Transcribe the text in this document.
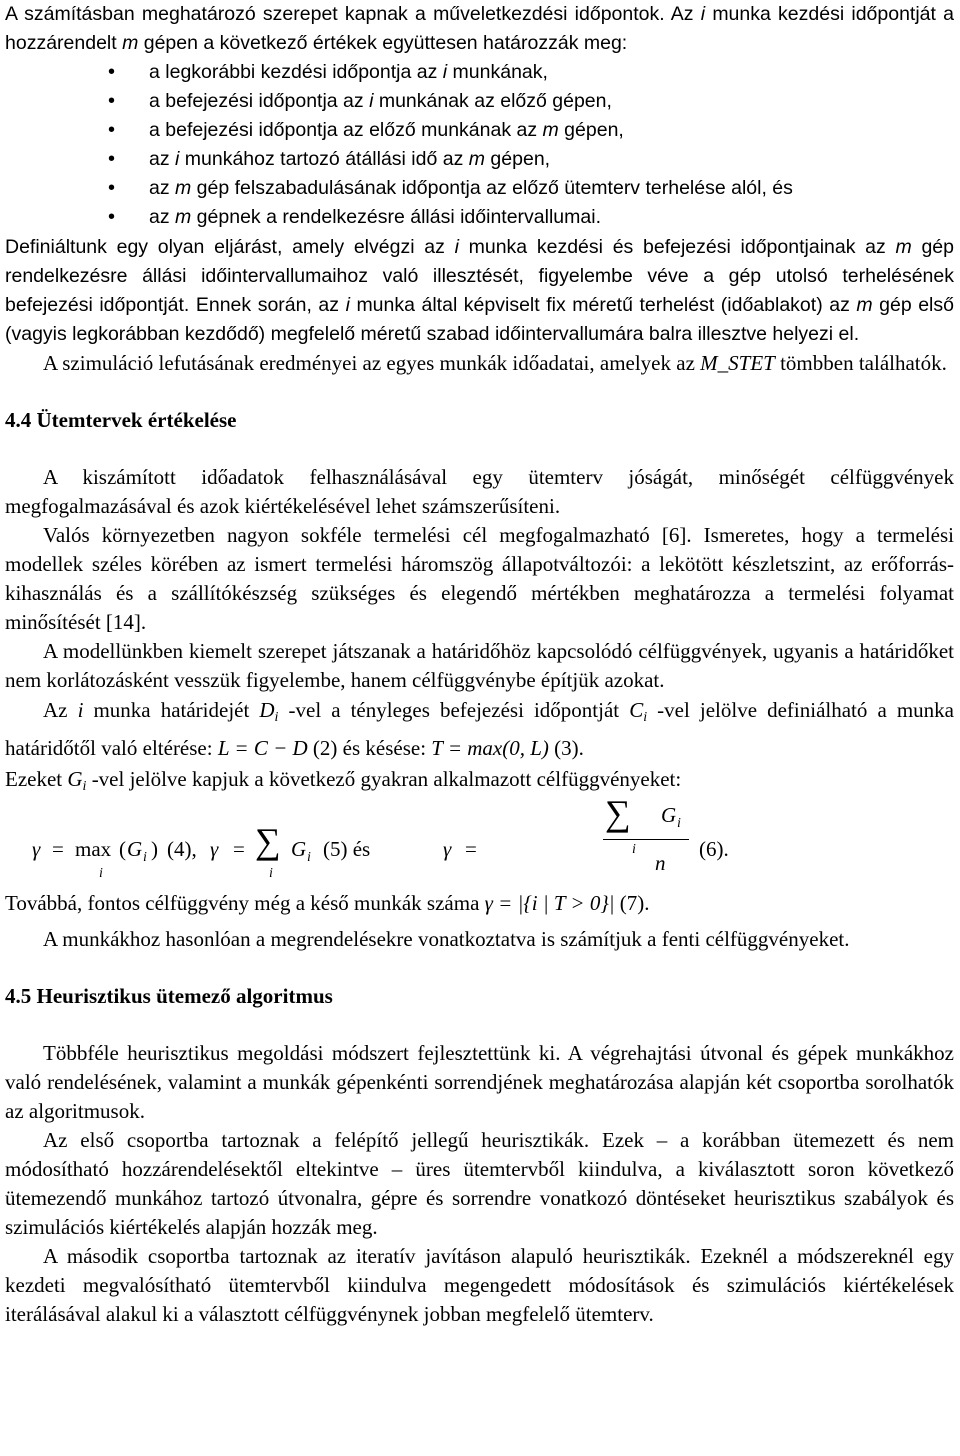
A számításban meghatározó szerepet kapnak a műveletkezdési időpontok. Az i munka kezdési időpontját a hozzárendelt m gépen a következő értékek együttesen határozzák meg:

• a legkorábbi kezdési időpontja az i munkának,
• a befejezési időpontja az i munkának az előző gépen,
• a befejezési időpontja az előző munkának az m gépen,
• az i munkához tartozó átállási idő az m gépen,
• az m gép felszabadulásának időpontja az előző ütemterv terhelése alól, és
• az m gépnek a rendelkezésre állási időintervallumai.

Definiáltunk egy olyan eljárást, amely elvégzi az i munka kezdési és befejezési időpontjainak az m gép rendelkezésre állási időintervallumaihoz való illesztését, figyelembe véve a gép utolsó terhelésének befejezési időpontját. Ennek során, az i munka által képviselt fix méretű terhelést (időablakot) az m gép első (vagyis legkorábban kezdődő) megfelelő méretű szabad időintervallumára balra illesztve helyezi el.

A szimuláció lefutásának eredményei az egyes munkák időadatai, amelyek az M_STET tömbben találhatók.

4.4 Ütemtervek értékelése

A kiszámított időadatok felhasználásával egy ütemterv jóságát, minőségét célfüggvények megfogalmazásával és azok kiértékelésével lehet számszerűsíteni.

Valós környezetben nagyon sokféle termelési cél megfogalmazható [6]. Ismeretes, hogy a termelési modellek széles körében az ismert termelési háromszög állapotváltozói: a lekötött készletszint, az erőforrás-kihasználás és a szállítókészség szükséges és elegendő mértékben meghatározza a termelési folyamat minősítését [14].

A modellünkben kiemelt szerepet játszanak a határidőhöz kapcsolódó célfüggvények, ugyanis a határidőket nem korlátozásként vesszük figyelembe, hanem célfüggvénybe építjük azokat.

Az i munka határidejét $D_i$ -vel a tényleges befejezési időpontját $C_i$ -vel jelölve definiálható a munka határidőtől való eltérése: L = C − D (2) és késése: T = max(0, L) (3).

Ezeket $G_i$ -vel jelölve kapjuk a következő gyakran alkalmazott célfüggvényeket:

γ = max
i
( G i ) (4), γ = ∑
i
G i (5) és	γ =
∑ G i
i
n
(6).

Továbbá, fontos célfüggvény még a késő munkák száma γ = |{i | T > 0}| (7).

A munkákhoz hasonlóan a megrendelésekre vonatkoztatva is számítjuk a fenti célfüggvényeket.

4.5 Heurisztikus ütemező algoritmus

Többféle heurisztikus megoldási módszert fejlesztettünk ki. A végrehajtási útvonal és gépek munkákhoz való rendelésének, valamint a munkák gépenkénti sorrendjének meghatározása alapján két csoportba sorolhatók az algoritmusok.

Az első csoportba tartoznak a felépítő jellegű heurisztikák. Ezek – a korábban ütemezett és nem módosítható hozzárendelésektől eltekintve – üres ütemtervből kiindulva, a kiválasztott soron következő ütemezendő munkához tartozó útvonalra, gépre és sorrendre vonatkozó döntéseket heurisztikus szabályok és szimulációs kiértékelés alapján hozzák meg.

A második csoportba tartoznak az iteratív javításon alapuló heurisztikák. Ezeknél a módszereknél egy kezdeti megvalósítható ütemtervből kiindulva megengedett módosítások és szimulációs kiértékelések iterálásával alakul ki a választott célfüggvénynek jobban megfelelő ütemterv.
